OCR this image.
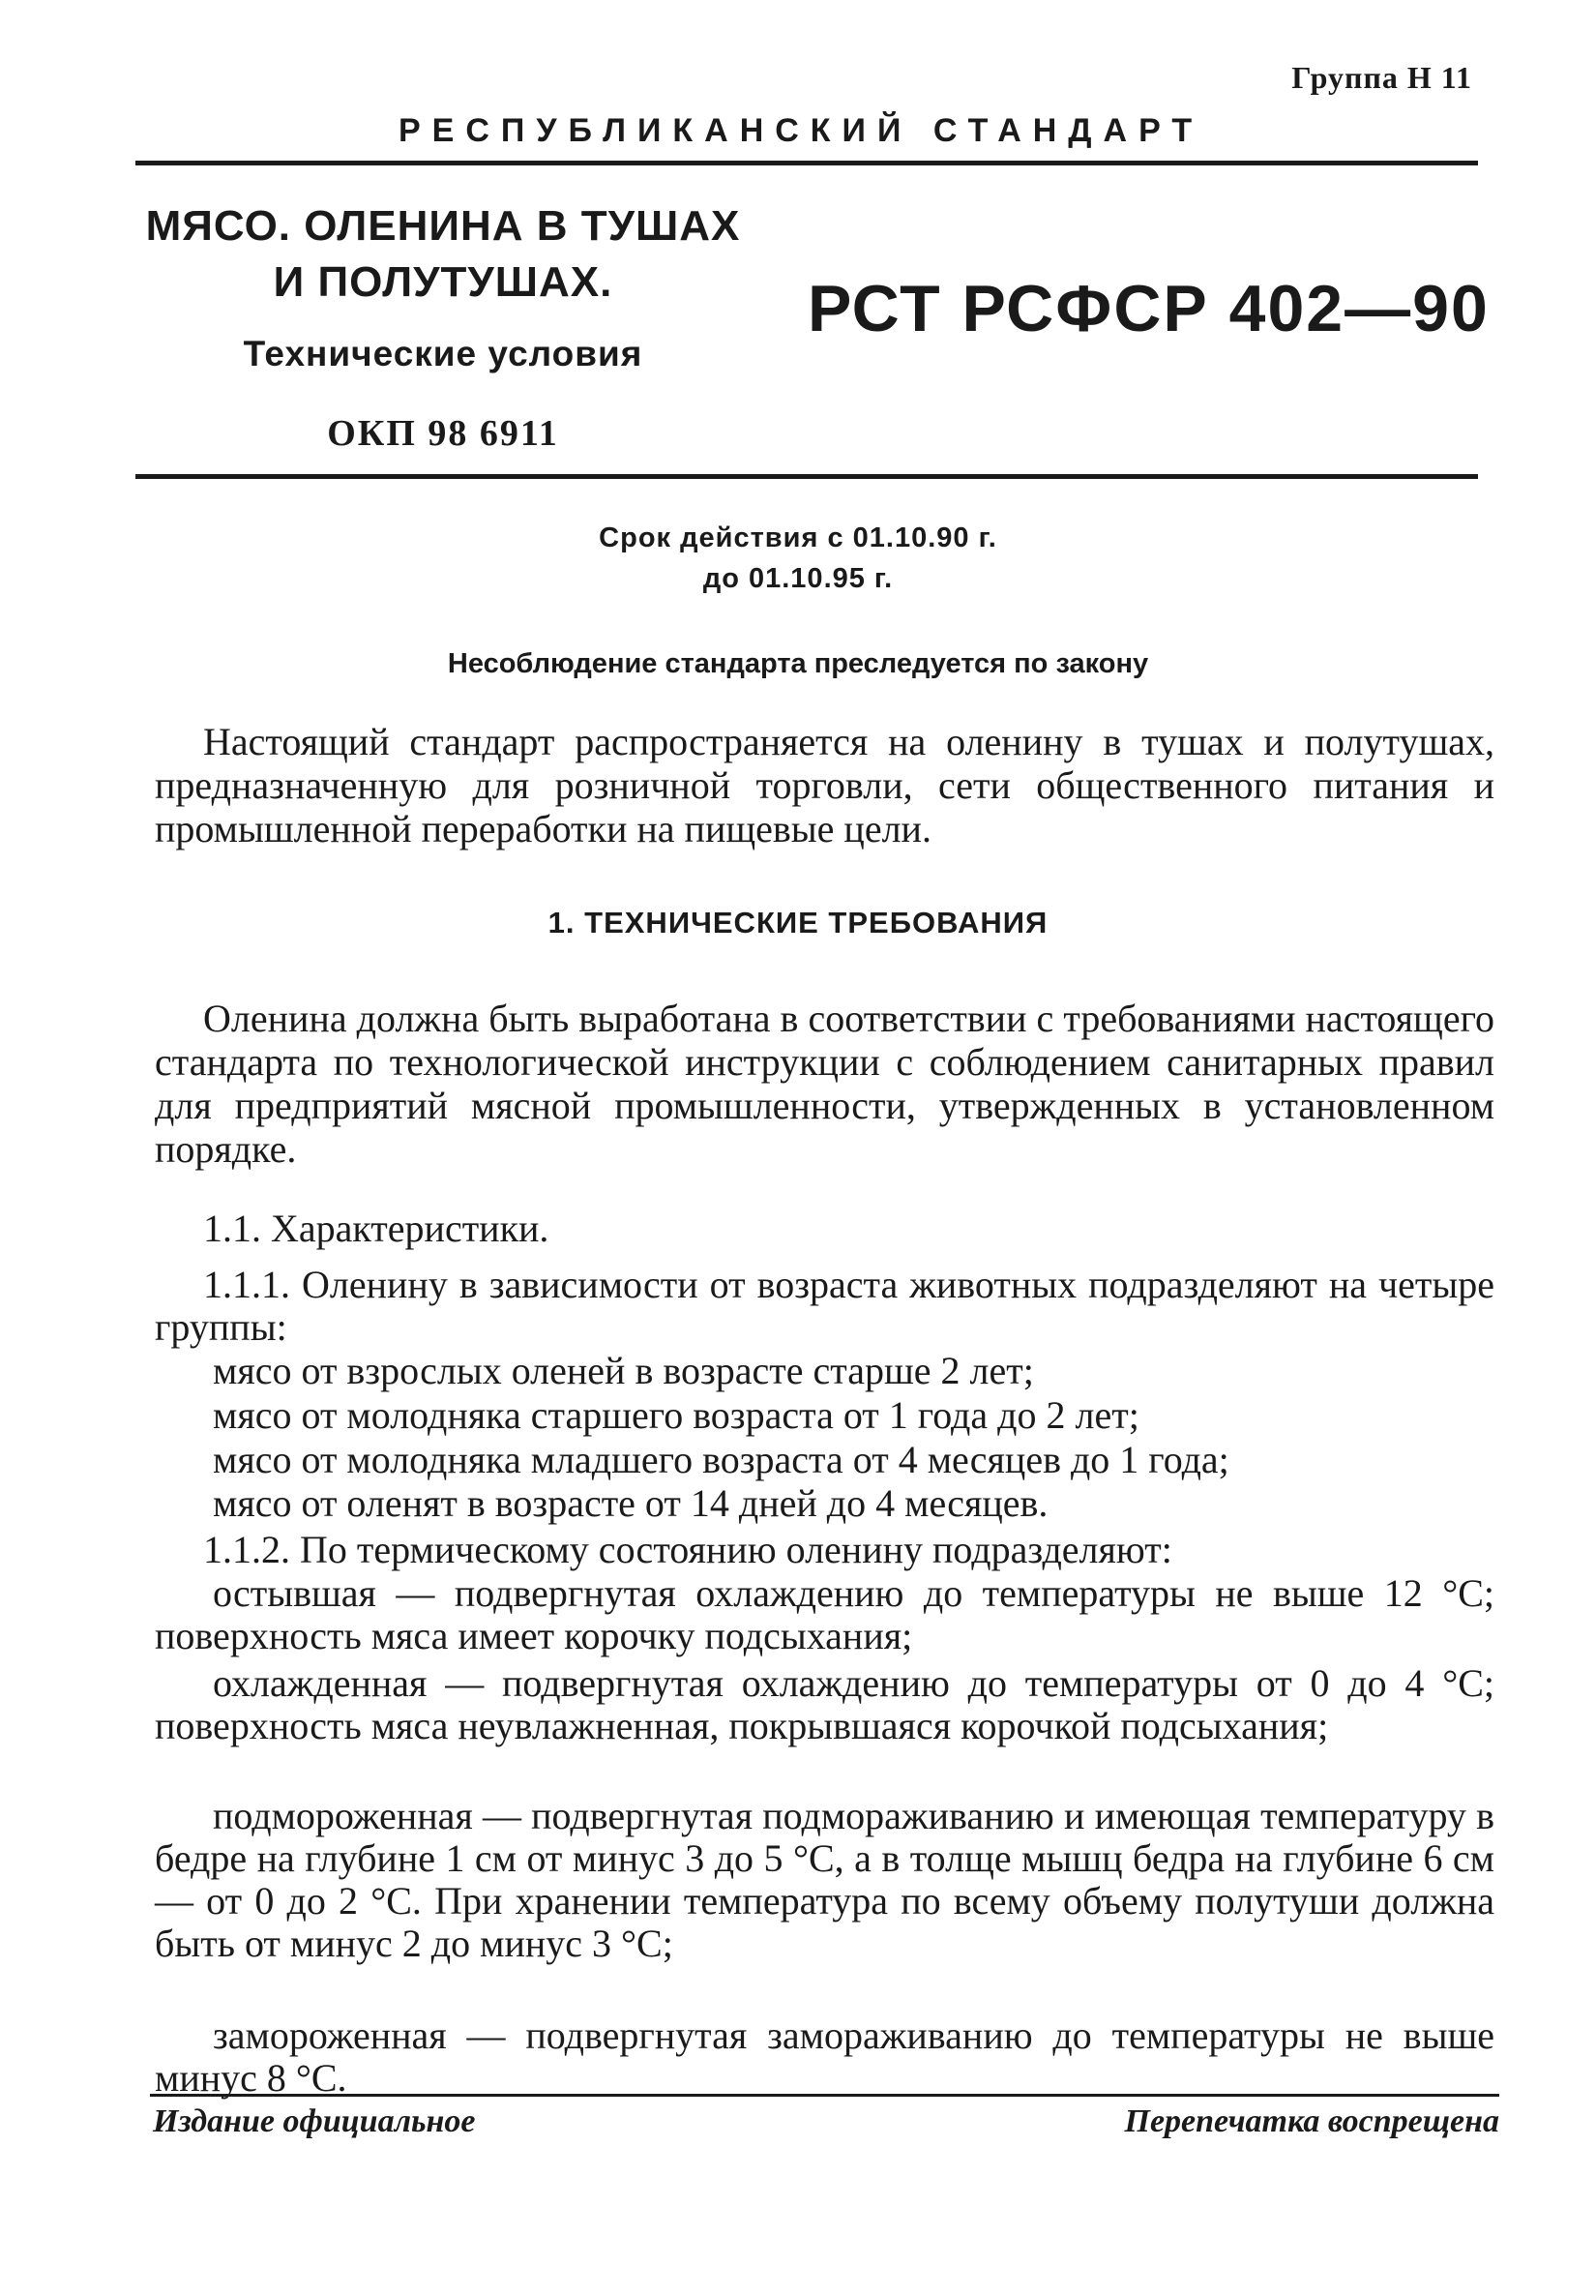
Группа Н 11
РЕСПУБЛИКАНСКИЙ СТАНДАРТ
МЯСО. ОЛЕНИНА В ТУШАХ
И ПОЛУТУШАХ.
Технические условия
ОКП 98 6911
РСТ РСФСР 402—90
Срок действия с 01.10.90 г.
до 01.10.95 г.
Несоблюдение стандарта преследуется по закону

Настоящий стандарт распространяется на оленину в тушах и полутушах, предназначенную для розничной торговли, сети общественного питания и промышленной переработки на пищевые цели.

1. ТЕХНИЧЕСКИЕ ТРЕБОВАНИЯ

Оленина должна быть выработана в соответствии с требованиями настоящего стандарта по технологической инструкции с соблюдением санитарных правил для предприятий мясной промышленности, утвержденных в установленном порядке.

1.1. Характеристики.

1.1.1. Оленину в зависимости от возраста животных подразделяют на четыре группы:

мясо от взрослых оленей в возрасте старше 2 лет;

мясо от молодняка старшего возраста от 1 года до 2 лет;

мясо от молодняка младшего возраста от 4 месяцев до 1 года;

мясо от оленят в возрасте от 14 дней до 4 месяцев.

1.1.2. По термическому состоянию оленину подразделяют:

остывшая — подвергнутая охлаждению до температуры не выше 12 °С; поверхность мяса имеет корочку подсыхания;

охлажденная — подвергнутая охлаждению до температуры от 0 до 4 °С; поверхность мяса неувлажненная, покрывшаяся корочкой подсыхания;

подмороженная — подвергнутая подмораживанию и имеющая температуру в бедре на глубине 1 см от минус 3 до 5 °С, а в толще мышц бедра на глубине 6 см — от 0 до 2 °С. При хранении температура по всему объему полутуши должна быть от минус 2 до минус 3 °С;

замороженная — подвергнутая замораживанию до температуры не выше минус 8 °С.

Издание официальное	Перепечатка воспрещена
